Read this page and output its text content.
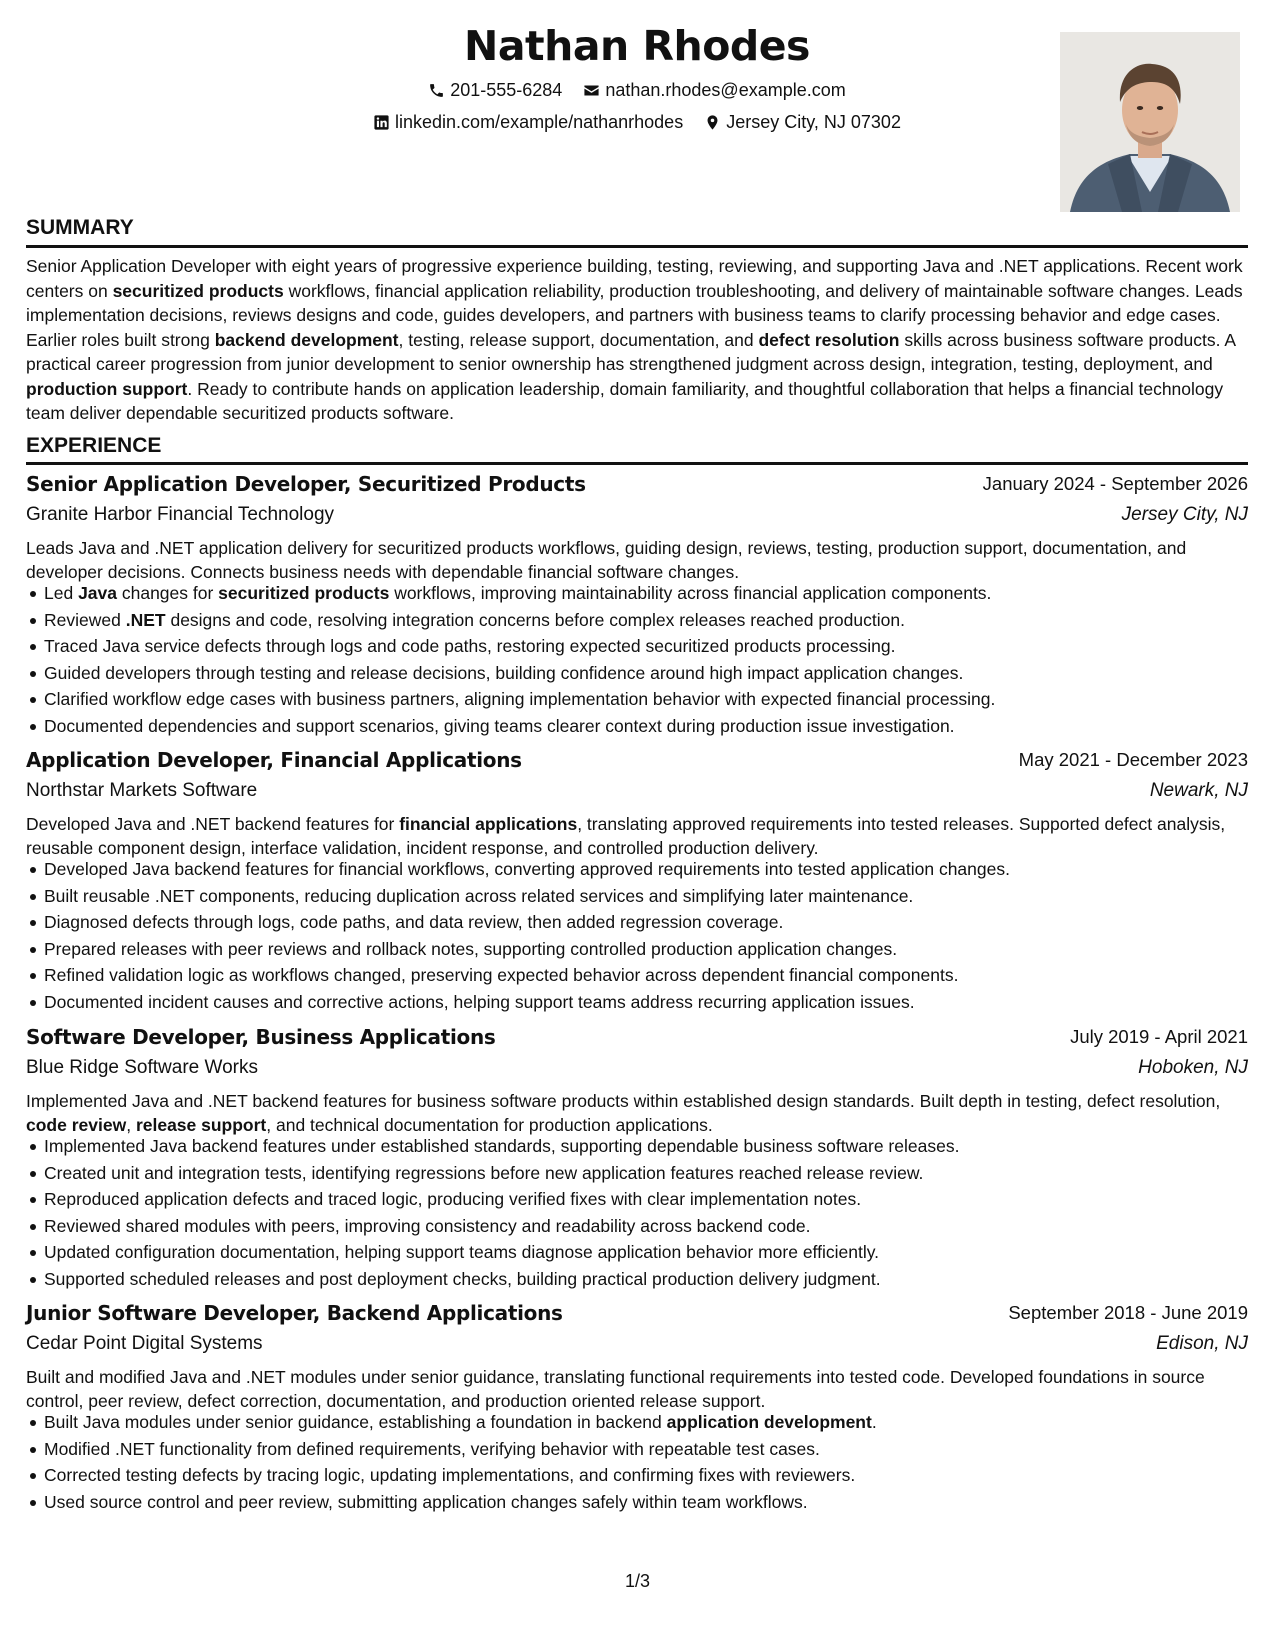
Nathan Rhodes
201-555-6284
nathan.rhodes@example.com
linkedin.com/example/nathanrhodes
Jersey City, NJ 07302
SUMMARY

Senior Application Developer with eight years of progressive experience building, testing, reviewing, and supporting Java and .NET applications. Recent work centers on securitized products workflows, financial application reliability, production troubleshooting, and delivery of maintainable software changes. Leads implementation decisions, reviews designs and code, guides developers, and partners with business teams to clarify processing behavior and edge cases. Earlier roles built strong backend development, testing, release support, documentation, and defect resolution skills across business software products. A practical career progression from junior development to senior ownership has strengthened judgment across design, integration, testing, deployment, and production support. Ready to contribute hands on application leadership, domain familiarity, and thoughtful collaboration that helps a financial technology team deliver dependable securitized products software.

EXPERIENCE
Senior Application Developer, Securitized Products	January 2024 - September 2026
Granite Harbor Financial Technology	Jersey City, NJ

Leads Java and .NET application delivery for securitized products workflows, guiding design, reviews, testing, production support, documentation, and developer decisions. Connects business needs with dependable financial software changes.

Led Java changes for securitized products workflows, improving maintainability across financial application components.
Reviewed .NET designs and code, resolving integration concerns before complex releases reached production.
Traced Java service defects through logs and code paths, restoring expected securitized products processing.
Guided developers through testing and release decisions, building confidence around high impact application changes.
Clarified workflow edge cases with business partners, aligning implementation behavior with expected financial processing.
Documented dependencies and support scenarios, giving teams clearer context during production issue investigation.
Application Developer, Financial Applications	May 2021 - December 2023
Northstar Markets Software	Newark, NJ

Developed Java and .NET backend features for financial applications, translating approved requirements into tested releases. Supported defect analysis, reusable component design, interface validation, incident response, and controlled production delivery.

Developed Java backend features for financial workflows, converting approved requirements into tested application changes.
Built reusable .NET components, reducing duplication across related services and simplifying later maintenance.
Diagnosed defects through logs, code paths, and data review, then added regression coverage.
Prepared releases with peer reviews and rollback notes, supporting controlled production application changes.
Refined validation logic as workflows changed, preserving expected behavior across dependent financial components.
Documented incident causes and corrective actions, helping support teams address recurring application issues.
Software Developer, Business Applications	July 2019 - April 2021
Blue Ridge Software Works	Hoboken, NJ

Implemented Java and .NET backend features for business software products within established design standards. Built depth in testing, defect resolution, code review, release support, and technical documentation for production applications.

Implemented Java backend features under established standards, supporting dependable business software releases.
Created unit and integration tests, identifying regressions before new application features reached release review.
Reproduced application defects and traced logic, producing verified fixes with clear implementation notes.
Reviewed shared modules with peers, improving consistency and readability across backend code.
Updated configuration documentation, helping support teams diagnose application behavior more efficiently.
Supported scheduled releases and post deployment checks, building practical production delivery judgment.
Junior Software Developer, Backend Applications	September 2018 - June 2019
Cedar Point Digital Systems	Edison, NJ

Built and modified Java and .NET modules under senior guidance, translating functional requirements into tested code. Developed foundations in source control, peer review, defect correction, documentation, and production oriented release support.

Built Java modules under senior guidance, establishing a foundation in backend application development.
Modified .NET functionality from defined requirements, verifying behavior with repeatable test cases.
Corrected testing defects by tracing logic, updating implementations, and confirming fixes with reviewers.
Used source control and peer review, submitting application changes safely within team workflows.
1/3
